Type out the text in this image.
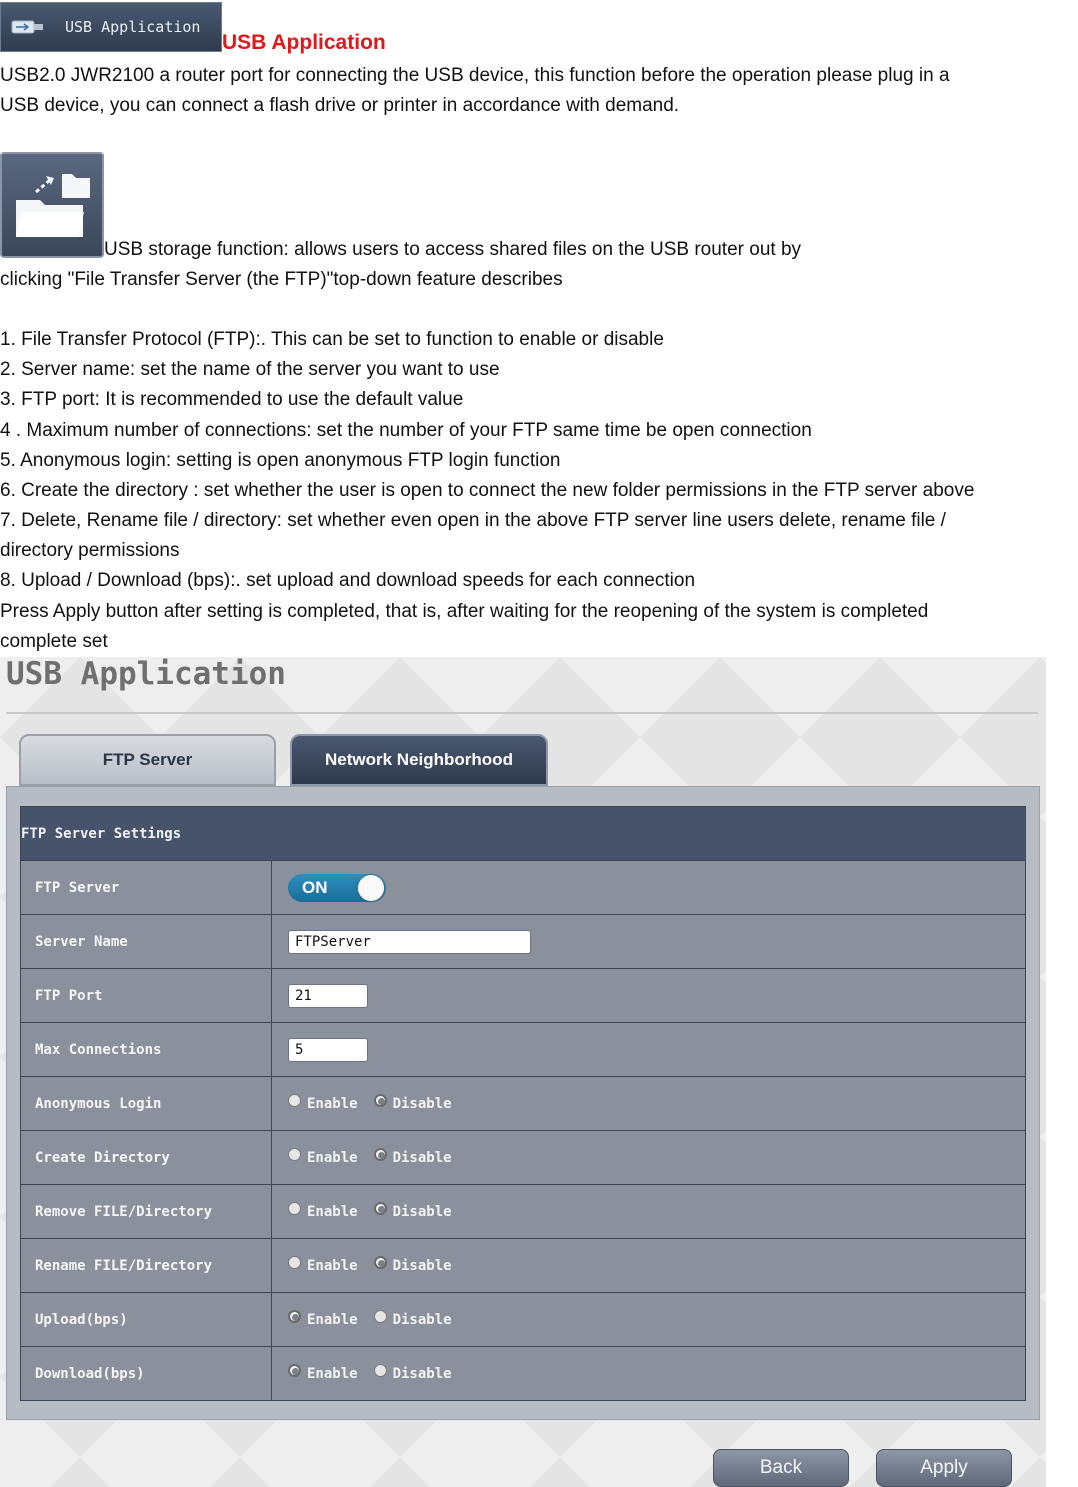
USB Application
USB Application
USB2.0 JWR2100 a router port for connecting the USB device, this function before the operation please plug in a
USB device, you can connect a flash drive or printer in accordance with demand.
USB storage function: allows users to access shared files on the USB router out by
clicking "File Transfer Server (the FTP)"top-down feature describes
1. File Transfer Protocol (FTP):. This can be set to function to enable or disable
2. Server name: set the name of the server you want to use
3. FTP port: It is recommended to use the default value
4 . Maximum number of connections: set the number of your FTP same time be open connection
5. Anonymous login: setting is open anonymous FTP login function
6. Create the directory : set whether the user is open to connect the new folder permissions in the FTP server above
7. Delete, Rename file / directory: set whether even open in the above FTP server line users delete, rename file /
directory permissions
8. Upload / Download (bps):. set upload and download speeds for each connection
Press Apply button after setting is completed, that is, after waiting for the reopening of the system is completed
complete set
USB Application
FTP Server	Network Neighborhood
FTP Server Settings	
FTP Server	ON

Server Name	FTPServer
FTP Port	21
Max Connections	5
Anonymous Login	Enable Disable

Create Directory	Enable Disable

Remove FILE/Directory	Enable Disable

Rename FILE/Directory	Enable Disable

Upload(bps)	Enable Disable

Download(bps)	Enable Disable
Back	Apply
